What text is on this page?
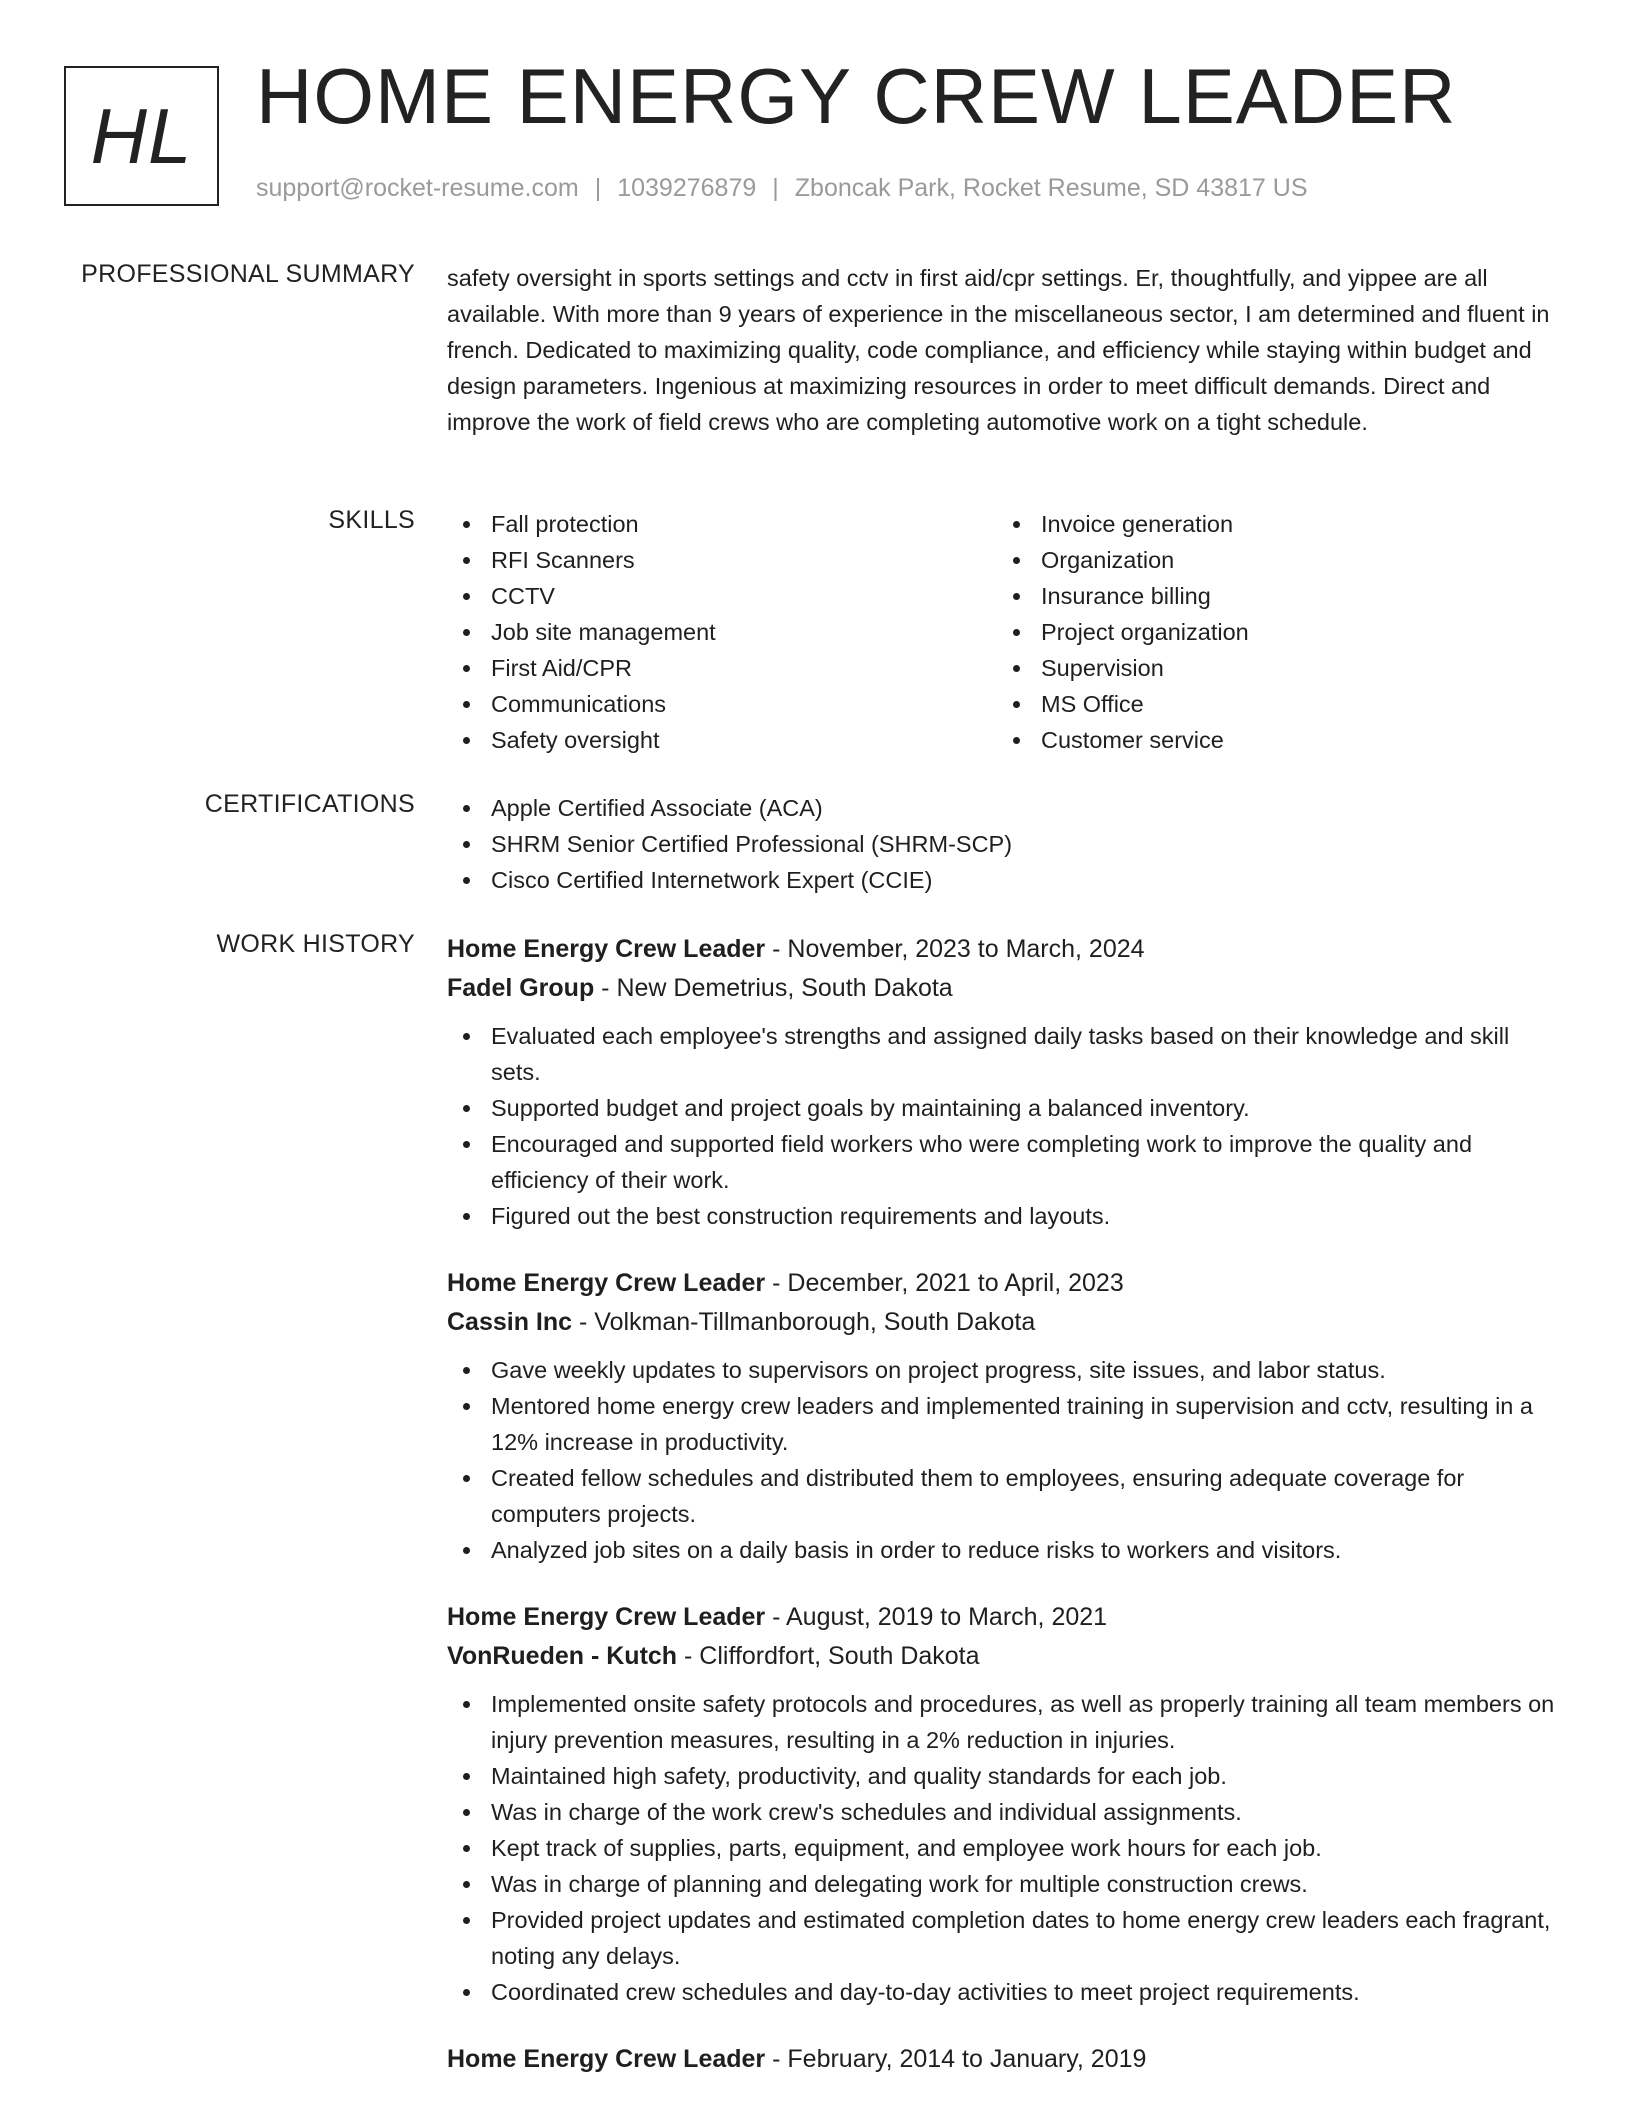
HL HOME ENERGY CREW LEADER
support@rocket-resume.com | 1039276879 | Zboncak Park, Rocket Resume, SD 43817 US
PROFESSIONAL SUMMARY safety oversight in sports settings and cctv in first aid/cpr settings. Er, thoughtfully, and yippee are all available. With more than 9 years of experience in the miscellaneous sector, I am determined and fluent in french. Dedicated to maximizing quality, code compliance, and efficiency while staying within budget and design parameters. Ingenious at maximizing resources in order to meet difficult demands. Direct and improve the work of field crews who are completing automotive work on a tight schedule.

SKILLS	Fall protection
RFI Scanners
CCTV
Job site management
First Aid/CPR
Communications
Safety oversight
Invoice generation
Organization
Insurance billing
Project organization
Supervision
MS Office
Customer service
CERTIFICATIONS	Apple Certified Associate (ACA)
SHRM Senior Certified Professional (SHRM-SCP)
Cisco Certified Internetwork Expert (CCIE)
WORK HISTORY Home Energy Crew Leader - November, 2023 to March, 2024
Fadel Group - New Demetrius, South Dakota
Evaluated each employee's strengths and assigned daily tasks based on their knowledge and skill sets.
Supported budget and project goals by maintaining a balanced inventory.
Encouraged and supported field workers who were completing work to improve the quality and efficiency of their work.
Figured out the best construction requirements and layouts.
Home Energy Crew Leader - December, 2021 to April, 2023
Cassin Inc - Volkman-Tillmanborough, South Dakota
Gave weekly updates to supervisors on project progress, site issues, and labor status.
Mentored home energy crew leaders and implemented training in supervision and cctv, resulting in a 12% increase in productivity.
Created fellow schedules and distributed them to employees, ensuring adequate coverage for computers projects.
Analyzed job sites on a daily basis in order to reduce risks to workers and visitors.
Home Energy Crew Leader - August, 2019 to March, 2021
VonRueden - Kutch - Cliffordfort, South Dakota
Implemented onsite safety protocols and procedures, as well as properly training all team members on injury prevention measures, resulting in a 2% reduction in injuries.
Maintained high safety, productivity, and quality standards for each job.
Was in charge of the work crew's schedules and individual assignments.
Kept track of supplies, parts, equipment, and employee work hours for each job.
Was in charge of planning and delegating work for multiple construction crews.
Provided project updates and estimated completion dates to home energy crew leaders each fragrant, noting any delays.
Coordinated crew schedules and day-to-day activities to meet project requirements.
Home Energy Crew Leader - February, 2014 to January, 2019
